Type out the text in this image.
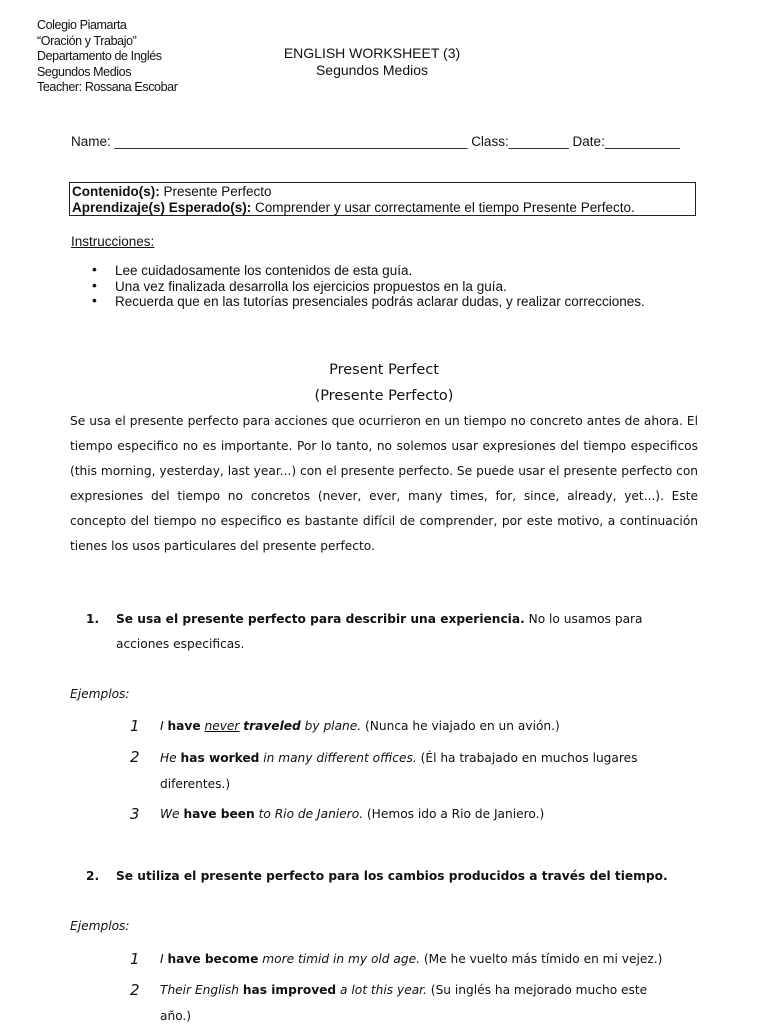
Colegio Piamarta
“Oración y Trabajo”
Departamento de Inglés
Segundos Medios
Teacher: Rossana Escobar
ENGLISH WORKSHEET (3)
Segundos Medios
Name: _______________________________________________ Class:________ Date:__________
Contenido(s): Presente Perfecto
Aprendizaje(s) Esperado(s): Comprender y usar correctamente el tiempo Presente Perfecto.
Instrucciones:
• Lee cuidadosamente los contenidos de esta guía.
• Una vez finalizada desarrolla los ejercicios propuestos en la guía.
• Recuerda que en las tutorías presenciales podrás aclarar dudas, y realizar correcciones.
Present Perfect
(Presente Perfecto)
Se usa el presente perfecto para acciones que ocurrieron en un tiempo no concreto antes de ahora. El tiempo especifico no es importante. Por lo tanto, no solemos usar expresiones del tiempo especificos (this morning, yesterday, last year...) con el presente perfecto. Se puede usar el presente perfecto con expresiones del tiempo no concretos (never, ever, many times, for, since, already, yet...). Este concepto del tiempo no especifico es bastante difícil de comprender, por este motivo, a continuación tienes los usos particulares del presente perfecto.
1. Se usa el presente perfecto para describir una experiencia. No lo usamos para
acciones especificas.
Ejemplos:
1 I have never traveled by plane. (Nunca he viajado en un avión.)
2 He has worked in many different offices. (Él ha trabajado en muchos lugares
diferentes.)
3 We have been to Rio de Janiero. (Hemos ido a Rio de Janiero.)
2. Se utiliza el presente perfecto para los cambios producidos a través del tiempo.
Ejemplos:
1 I have become more timid in my old age. (Me he vuelto más tímido en mi vejez.)
2 Their English has improved a lot this year. (Su inglés ha mejorado mucho este
año.)
